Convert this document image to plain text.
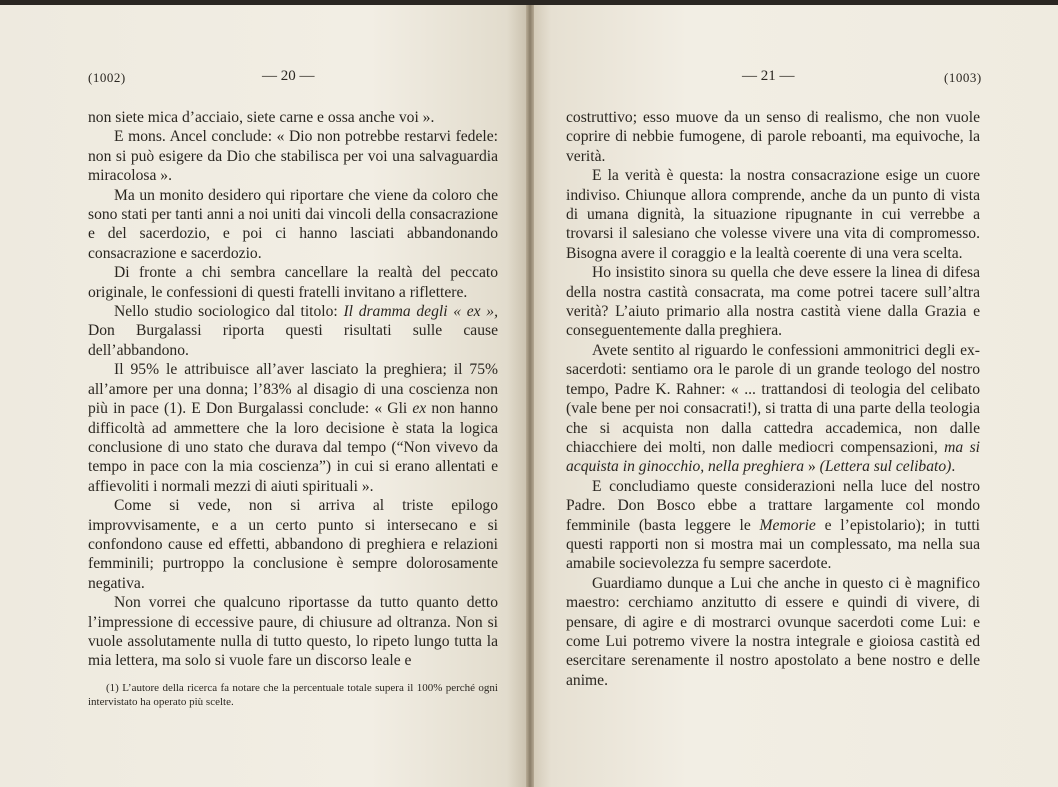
(1002)	— 20 —

non siete mica d’acciaio, siete carne e ossa anche voi ».

E mons. Ancel conclude: « Dio non potrebbe restarvi fedele: non si può esigere da Dio che stabilisca per voi una salvaguardia miracolosa ».

Ma un monito desidero qui riportare che viene da coloro che sono stati per tanti anni a noi uniti dai vincoli della consacrazione e del sacerdozio, e poi ci hanno lasciati abbandonando consacrazione e sacerdozio.

Di fronte a chi sembra cancellare la realtà del peccato originale, le confessioni di questi fratelli invitano a riflettere.

Nello studio sociologico dal titolo: Il dramma degli « ex », Don Burgalassi riporta questi risultati sulle cause dell’abbandono.

Il 95% le attribuisce all’aver lasciato la preghiera; il 75% all’amore per una donna; l’83% al disagio di una coscienza non più in pace (1). E Don Burgalassi conclude: « Gli ex non hanno difficoltà ad ammettere che la loro decisione è stata la logica conclusione di uno stato che durava dal tempo (“Non vivevo da tempo in pace con la mia coscienza”) in cui si erano allentati e affievoliti i normali mezzi di aiuti spirituali ».

Come si vede, non si arriva al triste epilogo improvvisamente, e a un certo punto si intersecano e si confondono cause ed effetti, abbandono di preghiera e relazioni femminili; purtroppo la conclusione è sempre dolorosamente negativa.

Non vorrei che qualcuno riportasse da tutto quanto detto l’impressione di eccessive paure, di chiusure ad oltranza. Non si vuole assolutamente nulla di tutto questo, lo ripeto lungo tutta la mia lettera, ma solo si vuole fare un discorso leale e

(1) L’autore della ricerca fa notare che la percentuale totale supera il 100% perché ogni intervistato ha operato più scelte.

— 21 —	(1003)

costruttivo; esso muove da un senso di realismo, che non vuole coprire di nebbie fumogene, di parole reboanti, ma equivoche, la verità.

E la verità è questa: la nostra consacrazione esige un cuore indiviso. Chiunque allora comprende, anche da un punto di vista di umana dignità, la situazione ripugnante in cui verrebbe a trovarsi il salesiano che volesse vivere una vita di compromesso. Bisogna avere il coraggio e la lealtà coerente di una vera scelta.

Ho insistito sinora su quella che deve essere la linea di difesa della nostra castità consacrata, ma come potrei tacere sull’altra verità? L’aiuto primario alla nostra castità viene dalla Grazia e conseguentemente dalla preghiera.

Avete sentito al riguardo le confessioni ammonitrici degli ex-sacerdoti: sentiamo ora le parole di un grande teologo del nostro tempo, Padre K. Rahner: « ... trattandosi di teologia del celibato (vale bene per noi consacrati!), si tratta di una parte della teologia che si acquista non dalla cattedra accademica, non dalle chiacchiere dei molti, non dalle mediocri compensazioni, ma si acquista in ginocchio, nella preghiera » (Lettera sul celibato).

E concludiamo queste considerazioni nella luce del nostro Padre. Don Bosco ebbe a trattare largamente col mondo femminile (basta leggere le Memorie e l’epistolario); in tutti questi rapporti non si mostra mai un complessato, ma nella sua amabile socievolezza fu sempre sacerdote.

Guardiamo dunque a Lui che anche in questo ci è magnifico maestro: cerchiamo anzitutto di essere e quindi di vivere, di pensare, di agire e di mostrarci ovunque sacerdoti come Lui: e come Lui potremo vivere la nostra integrale e gioiosa castità ed esercitare serenamente il nostro apostolato a bene nostro e delle anime.
